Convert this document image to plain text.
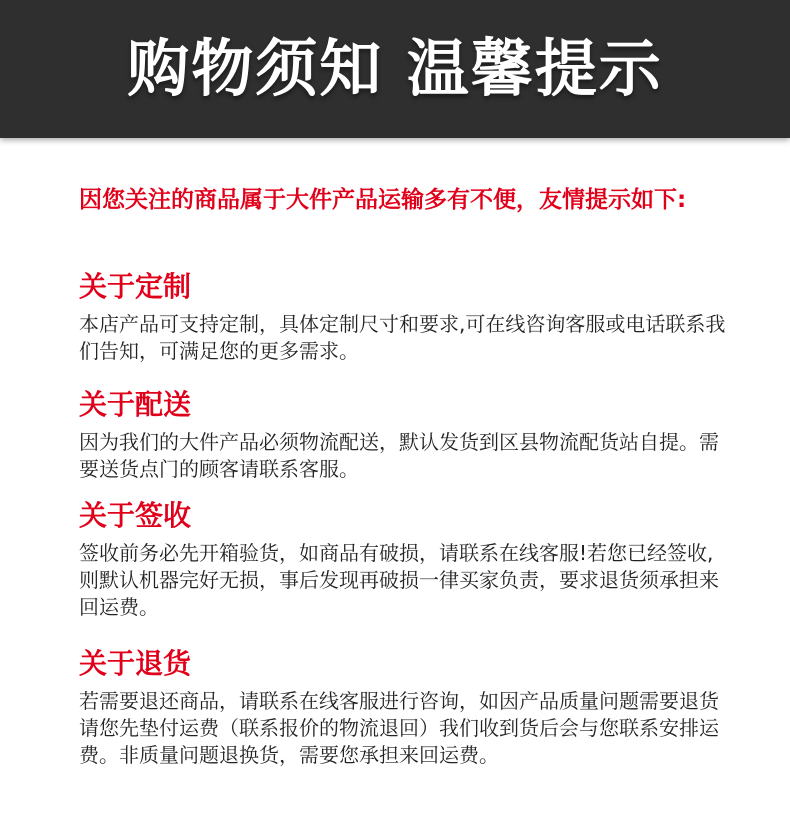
购物须知 温馨提示
因您关注的商品属于大件产品运输多有不便，友情提示如下:
关于定制

本店产品可支持定制，具体定制尺寸和要求,可在线咨询客服或电话联系我们告知，可满足您的更多需求。

关于配送

因为我们的大件产品必须物流配送，默认发货到区县物流配货站自提。需要送货点门的顾客请联系客服。

关于签收

签收前务必先开箱验货，如商品有破损，请联系在线客服!若您已经签收,则默认机器完好无损，事后发现再破损一律买家负责，要求退货须承担来回运费。

关于退货

若需要退还商品，请联系在线客服进行咨询，如因产品质量问题需要退货请您先垫付运费（联系报价的物流退回）我们收到货后会与您联系安排运费。非质量问题退换货，需要您承担来回运费。
